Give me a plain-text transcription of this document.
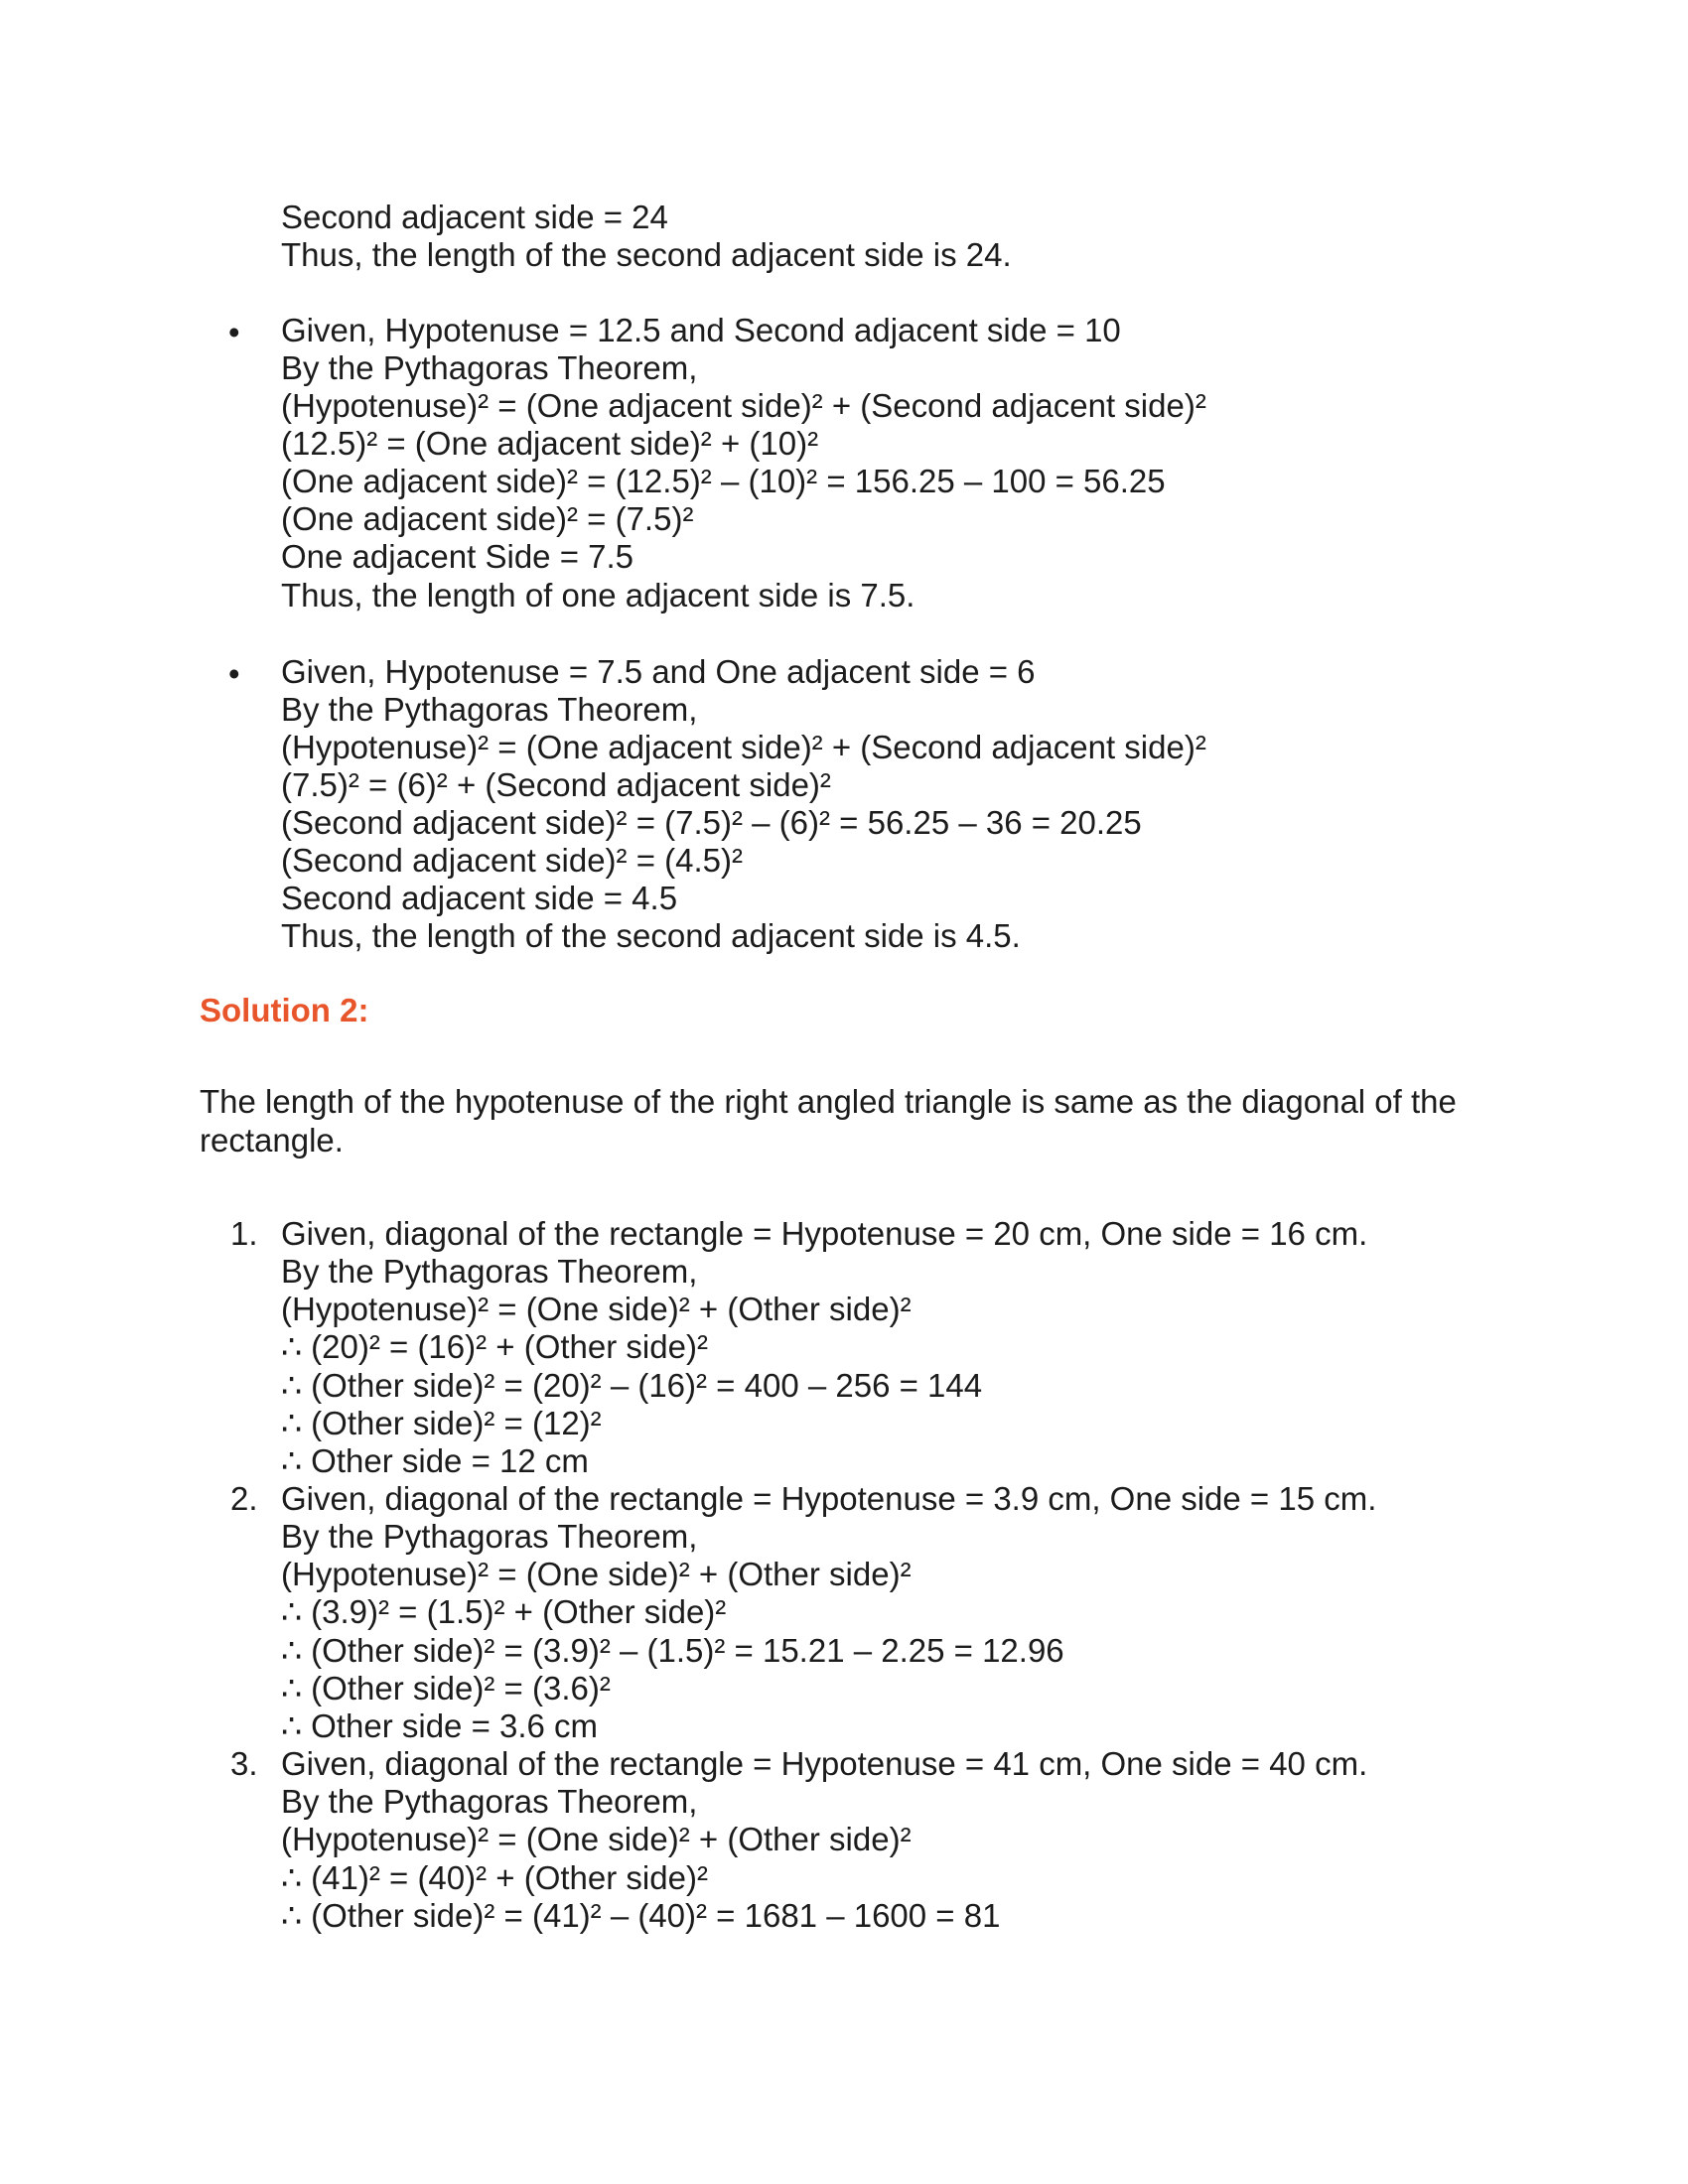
Second adjacent side = 24
Thus, the length of the second adjacent side is 24.
• Given, Hypotenuse = 12.5 and Second adjacent side = 10
By the Pythagoras Theorem,
(Hypotenuse)² = (One adjacent side)² + (Second adjacent side)²
(12.5)² = (One adjacent side)² + (10)²
(One adjacent side)² = (12.5)² – (10)² = 156.25 – 100 = 56.25
(One adjacent side)² = (7.5)²
One adjacent Side = 7.5
Thus, the length of one adjacent side is 7.5.
• Given, Hypotenuse = 7.5 and One adjacent side = 6
By the Pythagoras Theorem,
(Hypotenuse)² = (One adjacent side)² + (Second adjacent side)²
(7.5)² = (6)² + (Second adjacent side)²
(Second adjacent side)² = (7.5)² – (6)² = 56.25 – 36 = 20.25
(Second adjacent side)² = (4.5)²
Second adjacent side = 4.5
Thus, the length of the second adjacent side is 4.5.
Solution 2:
The length of the hypotenuse of the right angled triangle is same as the diagonal of the rectangle.
1. Given, diagonal of the rectangle = Hypotenuse = 20 cm, One side = 16 cm.
By the Pythagoras Theorem,
(Hypotenuse)² = (One side)² + (Other side)²
∴ (20)² = (16)² + (Other side)²
∴ (Other side)² = (20)² – (16)² = 400 – 256 = 144
∴ (Other side)² = (12)²
∴ Other side = 12 cm
2. Given, diagonal of the rectangle = Hypotenuse = 3.9 cm, One side = 15 cm.
By the Pythagoras Theorem,
(Hypotenuse)² = (One side)² + (Other side)²
∴ (3.9)² = (1.5)² + (Other side)²
∴ (Other side)² = (3.9)² – (1.5)² = 15.21 – 2.25 = 12.96
∴ (Other side)² = (3.6)²
∴ Other side = 3.6 cm
3. Given, diagonal of the rectangle = Hypotenuse = 41 cm, One side = 40 cm.
By the Pythagoras Theorem,
(Hypotenuse)² = (One side)² + (Other side)²
∴ (41)² = (40)² + (Other side)²
∴ (Other side)² = (41)² – (40)² = 1681 – 1600 = 81
